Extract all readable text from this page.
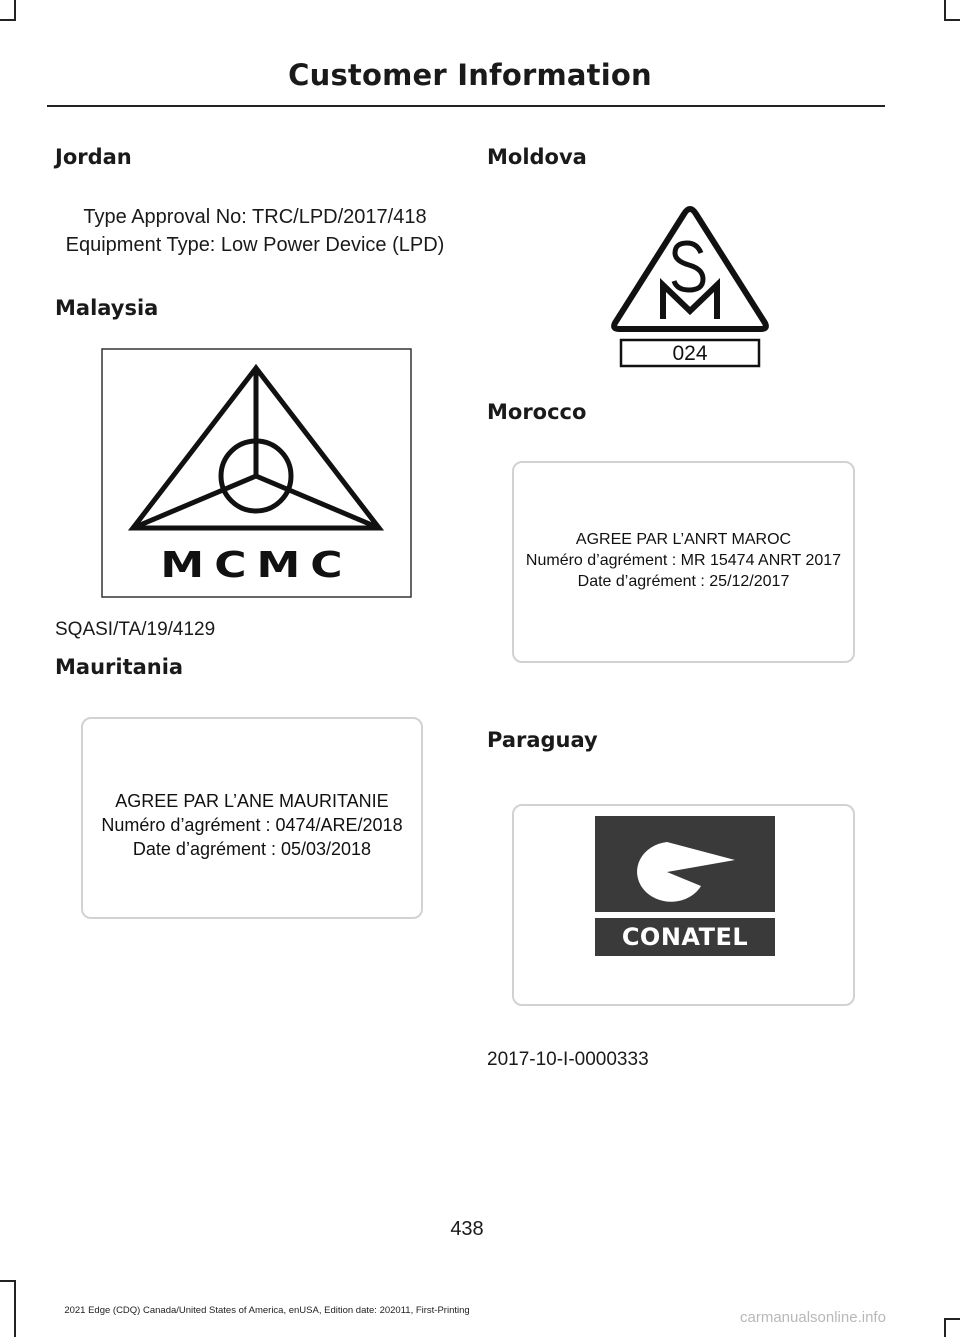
Customer Information
Jordan
Type Approval No: TRC/LPD/2017/418
Equipment Type: Low Power Device (LPD)
Malaysia
MCMC
SQASI/TA/19/4129
Mauritania
AGREE PAR L’ANE MAURITANIE
Numéro d’agrément : 0474/ARE/2018
Date d’agrément : 05/03/2018
Moldova
024
Morocco
AGREE PAR L’ANRT MAROC
Numéro d’agrément : MR 15474 ANRT 2017
Date d’agrément : 25/12/2017
Paraguay
CONATEL
2017-10-I-0000333
438
2021 Edge (CDQ) Canada/United States of America, enUSA, Edition date: 202011, First-Printing	carmanualsonline.info
